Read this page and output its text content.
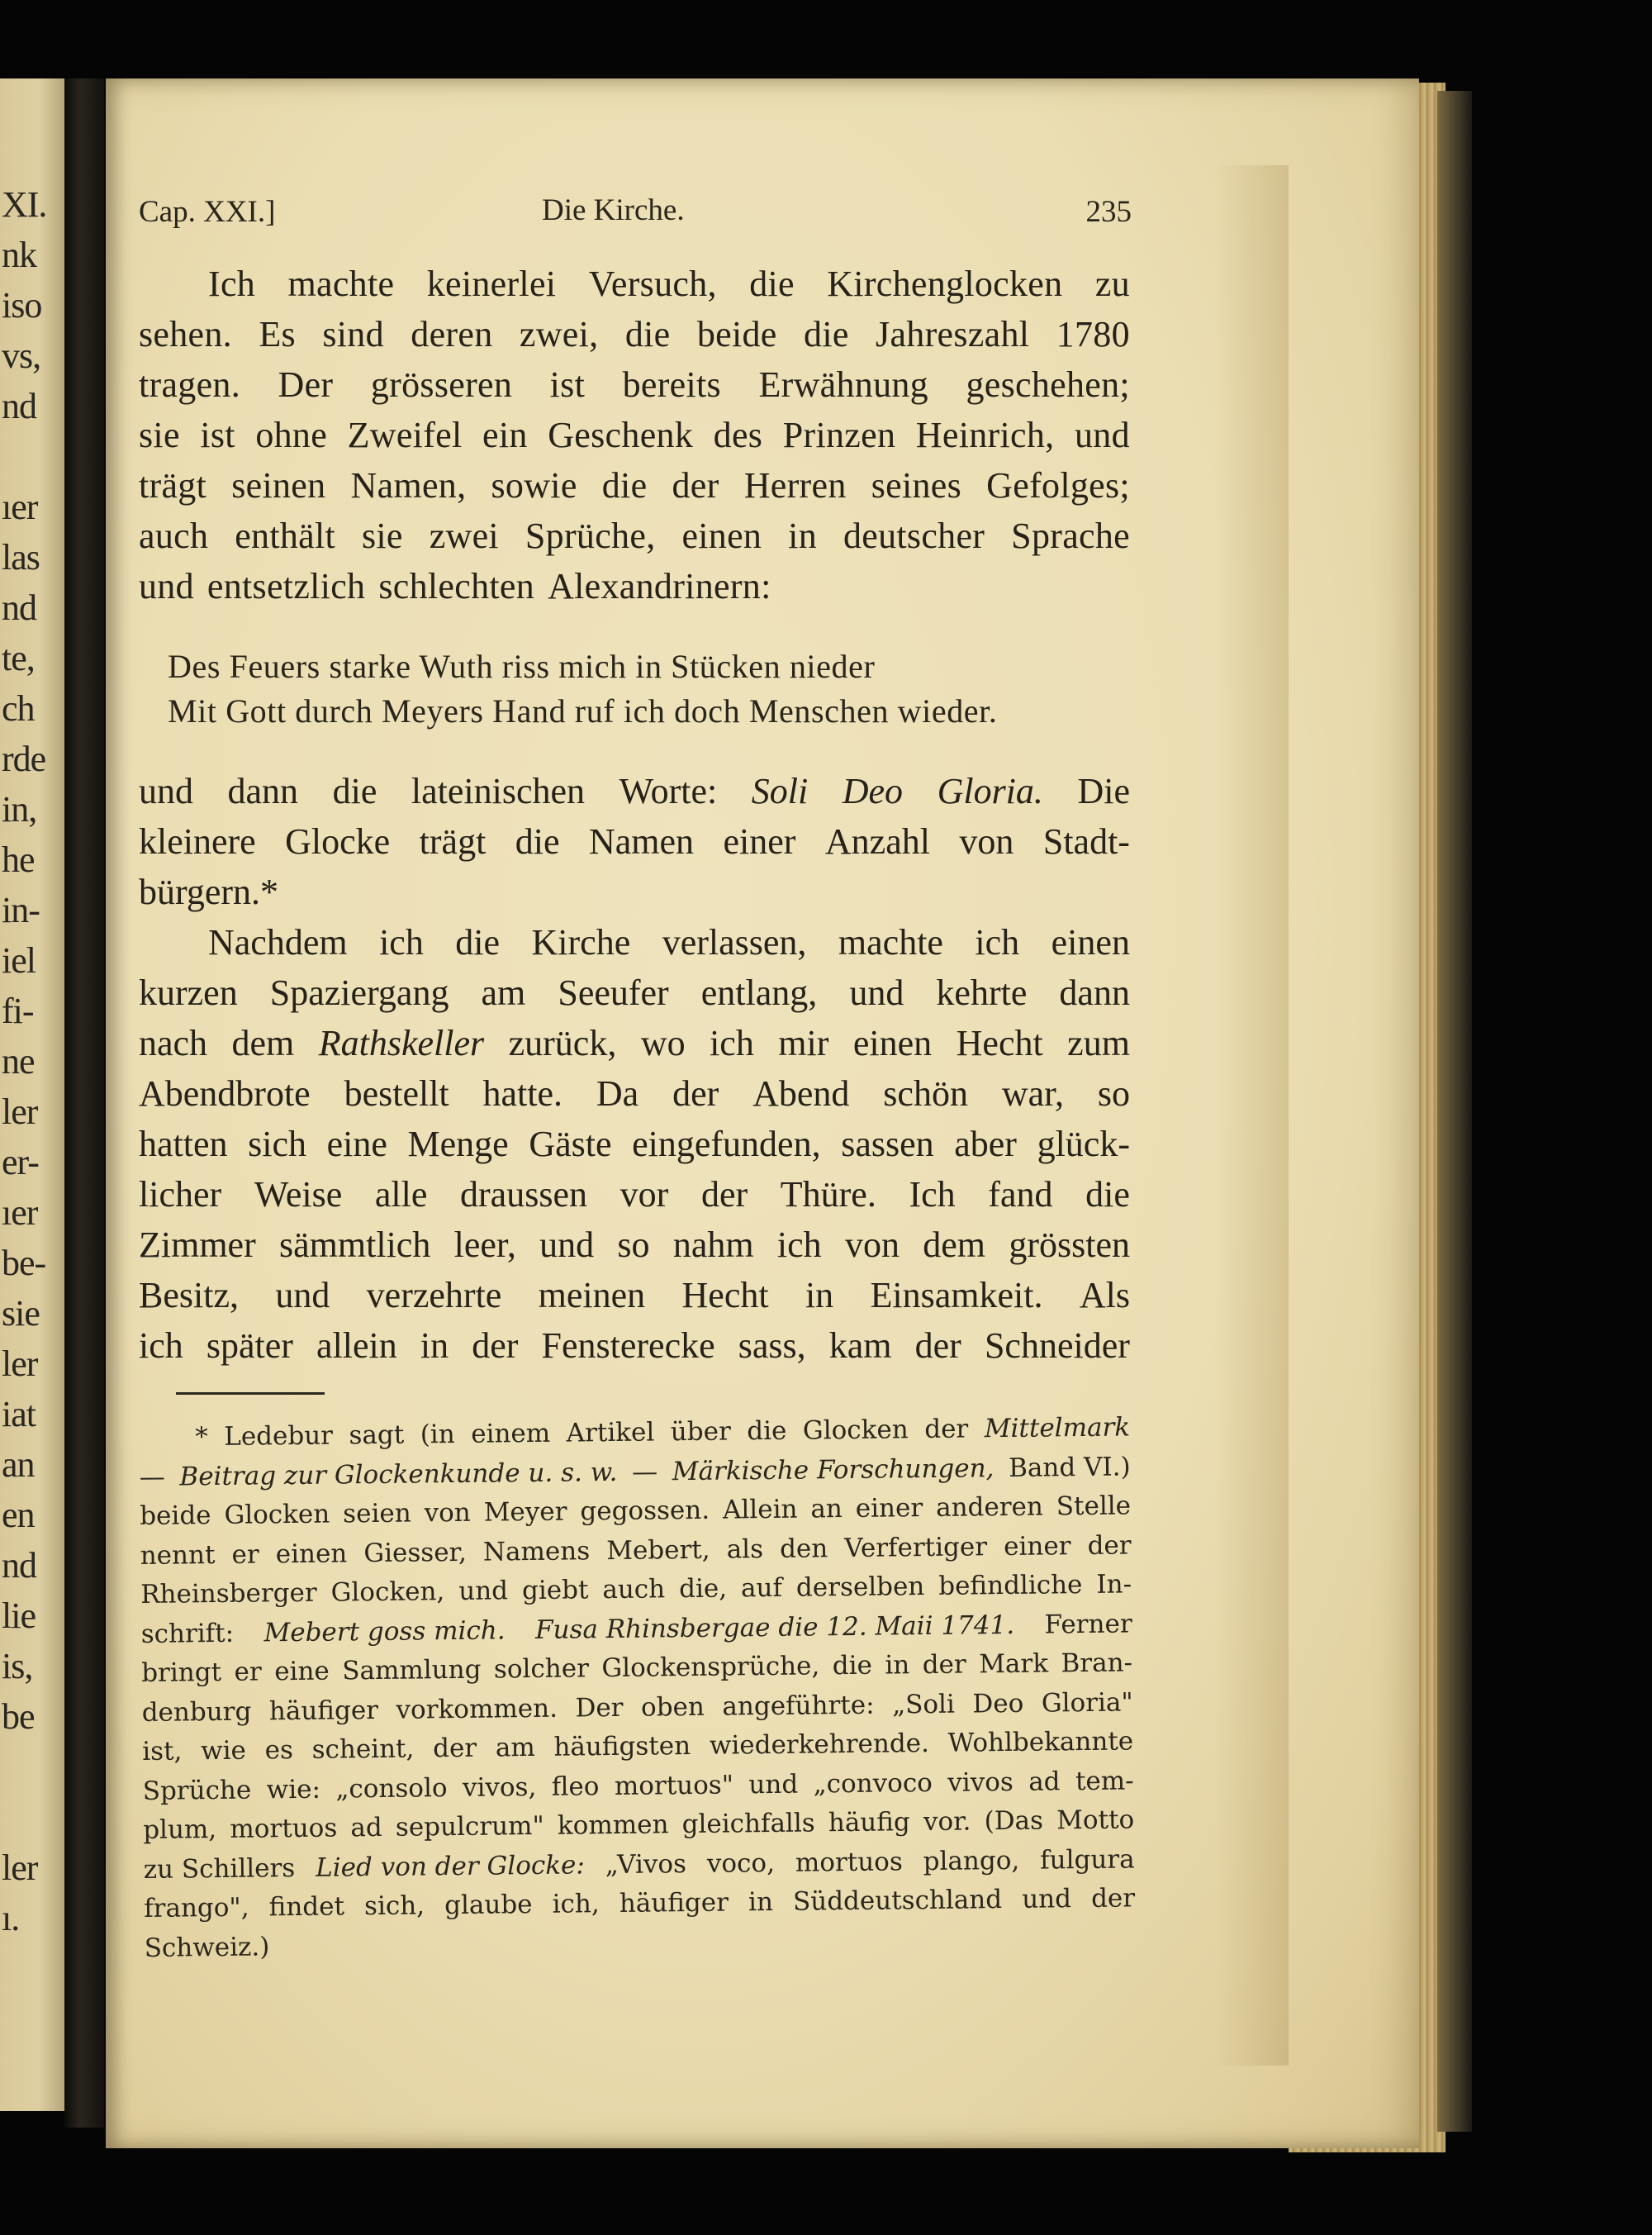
XI.
nk
iso
vs,
nd
ıer
las
nd
te,
ch
rde
in,
he
in-
iel
fi-
ne
ler
er-
ıer
be-
sie
ler
iat
an
en
nd
lie
is,
be
ler
ı.
Cap. XXI.]	Die Kirche.	235
Ich machte keinerlei Versuch, die Kirchenglocken zu
sehen. Es sind deren zwei, die beide die Jahreszahl 1780
tragen. Der grösseren ist bereits Erwähnung geschehen;
sie ist ohne Zweifel ein Geschenk des Prinzen Heinrich, und
trägt seinen Namen, sowie die der Herren seines Gefolges;
auch enthält sie zwei Sprüche, einen in deutscher Sprache
und entsetzlich schlechten Alexandrinern:
Des Feuers starke Wuth riss mich in Stücken nieder
Mit Gott durch Meyers Hand ruf ich doch Menschen wieder.
und dann die lateinischen Worte: Soli Deo Gloria. Die
kleinere Glocke trägt die Namen einer Anzahl von Stadt-
bürgern.*
Nachdem ich die Kirche verlassen, machte ich einen
kurzen Spaziergang am Seeufer entlang, und kehrte dann
nach dem Rathskeller zurück, wo ich mir einen Hecht zum
Abendbrote bestellt hatte. Da der Abend schön war, so
hatten sich eine Menge Gäste eingefunden, sassen aber glück-
licher Weise alle draussen vor der Thüre. Ich fand die
Zimmer sämmtlich leer, und so nahm ich von dem grössten
Besitz, und verzehrte meinen Hecht in Einsamkeit. Als
ich später allein in der Fensterecke sass, kam der Schneider
* Ledebur sagt (in einem Artikel über die Glocken der Mittelmark
— Beitrag zur Glockenkunde u. s. w. — Märkische Forschungen, Band VI.)
beide Glocken seien von Meyer gegossen. Allein an einer anderen Stelle
nennt er einen Giesser, Namens Mebert, als den Verfertiger einer der
Rheinsberger Glocken, und giebt auch die, auf derselben befindliche In-
schrift: Mebert goss mich. Fusa Rhinsbergae die 12. Maii 1741. Ferner
bringt er eine Sammlung solcher Glockensprüche, die in der Mark Bran-
denburg häufiger vorkommen. Der oben angeführte: „Soli Deo Gloria"
ist, wie es scheint, der am häufigsten wiederkehrende. Wohlbekannte
Sprüche wie: „consolo vivos, fleo mortuos" und „convoco vivos ad tem-
plum, mortuos ad sepulcrum" kommen gleichfalls häufig vor. (Das Motto
zu Schillers Lied von der Glocke: „Vivos voco, mortuos plango, fulgura
frango", findet sich, glaube ich, häufiger in Süddeutschland und der
Schweiz.)
